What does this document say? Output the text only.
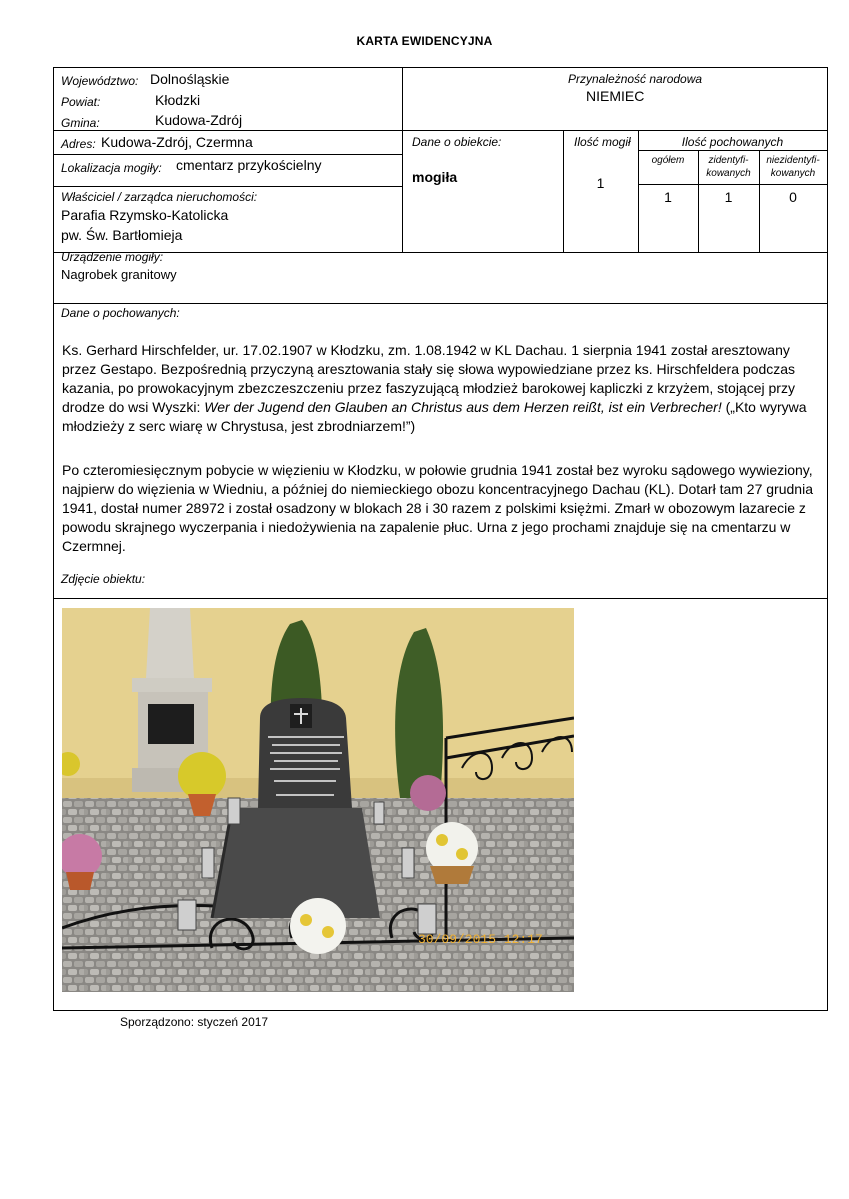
KARTA EWIDENCYJNA
Województwo: Dolnośląskie
Powiat:	Kłodzki
Gmina:	Kudowa-Zdrój
Adres: Kudowa-Zdrój, Czermna
Lokalizacja mogiły: cmentarz przykościelny
Przynależność narodowa
NIEMIEC
Dane o obiekcie:
mogiła
Ilość mogił
1
Ilość pochowanych
ogółem	zidentyfi-
kowanych
niezidentyfi-
kowanych
1	1	0
Właściciel / zarządca nieruchomości:
Parafia Rzymsko-Katolicka
pw. Św. Bartłomieja
Urządzenie mogiły:
Nagrobek granitowy
Dane o pochowanych:
Ks. Gerhard Hirschfelder, ur. 17.02.1907 w Kłodzku, zm. 1.08.1942 w KL Dachau. 1 sierpnia 1941 został aresztowany przez Gestapo. Bezpośrednią przyczyną aresztowania stały się słowa wypowiedziane przez ks. Hirschfeldera podczas kazania, po prowokacyjnym zbezczeszczeniu przez faszyzującą młodzież barokowej kapliczki z krzyżem, stojącej przy drodze do wsi Wyszki: Wer der Jugend den Glauben an Christus aus dem Herzen reißt, ist ein Verbrecher! („Kto wyrywa młodzieży z serc wiarę w Chrystusa, jest zbrodniarzem!”)
Po czteromiesięcznym pobycie w więzieniu w Kłodzku, w połowie grudnia 1941 został bez wyroku sądowego wywieziony, najpierw do więzienia w Wiedniu, a później do niemieckiego obozu koncentracyjnego Dachau (KL). Dotarł tam 27 grudnia 1941, dostał numer 28972 i został osadzony w blokach 28 i 30 razem z polskimi księżmi. Zmarł w obozowym lazarecie z powodu skrajnego wyczerpania i niedożywienia na zapalenie płuc. Urna z jego prochami znajduje się na cmentarzu w Czermnej.
Zdjęcie obiektu:
30/09/2015 12:17
Sporządzono: styczeń 2017
